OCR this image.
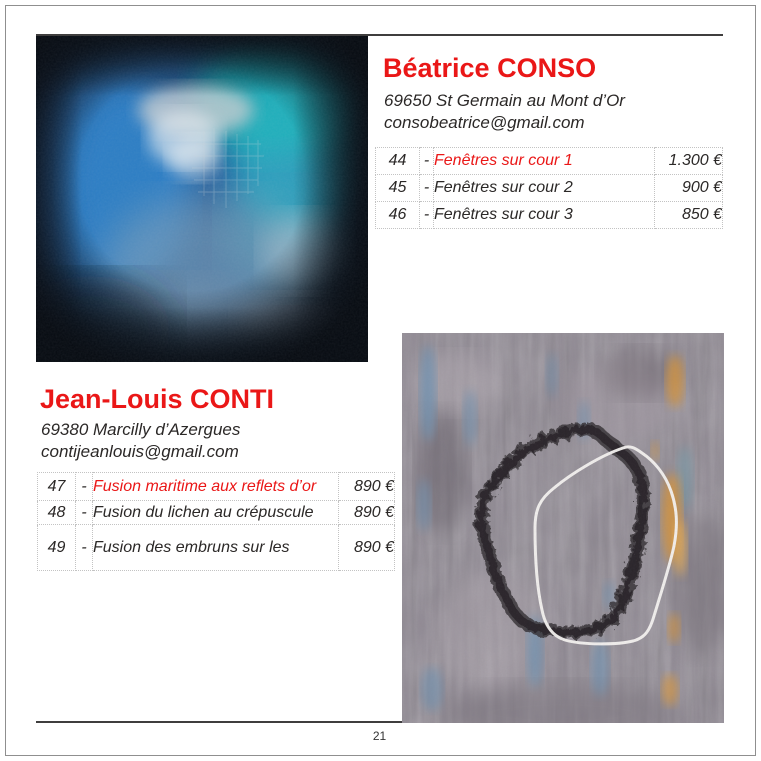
Béatrice CONSO

69650 St Germain au Mont d’Or

consobeatrice@gmail.com

44	-	Fenêtres sur cour 1	1.300 €
45	-	Fenêtres sur cour 2	900 €
46	-	Fenêtres sur cour 3	850 €
Jean-Louis CONTI

69380 Marcilly d’Azergues

contijeanlouis@gmail.com

47	-	Fusion maritime aux reflets d’or	890 €
48	-	Fusion du lichen au crépuscule	890 €
49	-	Fusion des embruns sur les	890 €
21
